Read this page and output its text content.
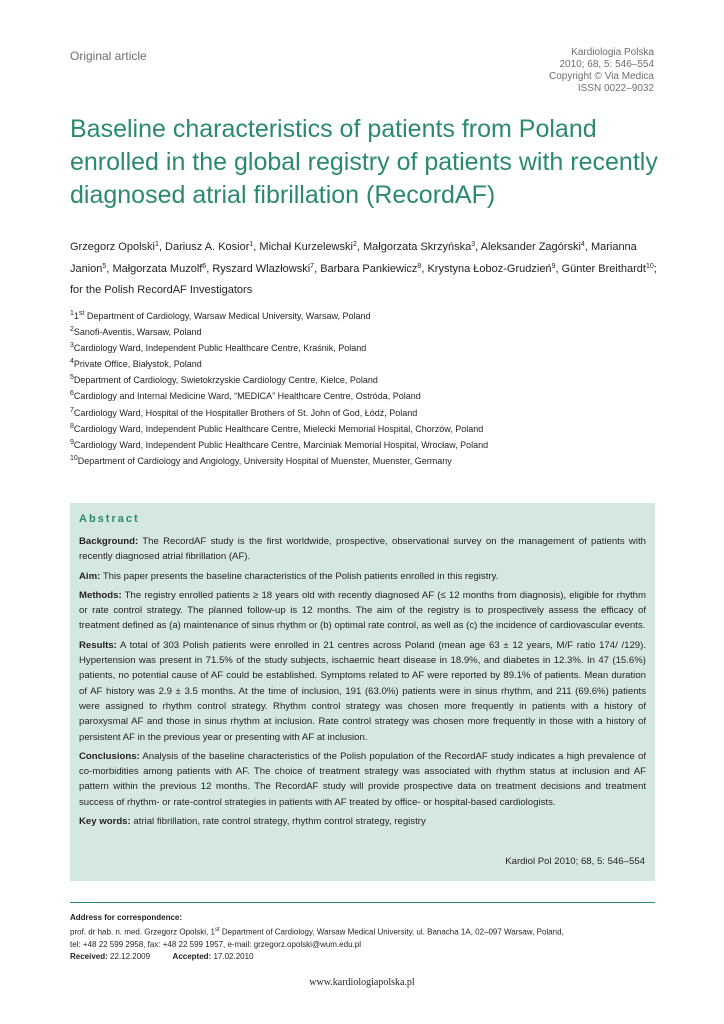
Original article	Kardiologia Polska
2010; 68, 5: 546–554
Copyright © Via Medica
ISSN 0022–9032
Baseline characteristics of patients from Poland enrolled in the global registry of patients with recently diagnosed atrial fibrillation (RecordAF)
Grzegorz Opolski$^1$, Dariusz A. Kosior$^1$, Michał Kurzelewski$^2$, Małgorzata Skrzyńska$^3$, Aleksander Zagórski$^4$, Marianna Janion$^5$, Małgorzata Muzolf$^6$, Ryszard Wlazłowski$^7$, Barbara Pankiewicz$^8$, Krystyna Łoboz-Grudzień$^9$, Günter Breithardt$^{10}$; for the Polish RecordAF Investigators
$^1$1st Department of Cardiology, Warsaw Medical University, Warsaw, Poland
$^2$Sanofi-Aventis, Warsaw, Poland
$^3$Cardiology Ward, Independent Public Healthcare Centre, Kraśnik, Poland
$^4$Private Office, Białystok, Poland
$^5$Department of Cardiology, Swietokrzyskie Cardiology Centre, Kielce, Poland
$^6$Cardiology and Internal Medicine Ward, “MEDICA” Healthcare Centre, Ostróda, Poland
$^7$Cardiology Ward, Hospital of the Hospitaller Brothers of St. John of God, Łódź, Poland
$^8$Cardiology Ward, Independent Public Healthcare Centre, Mielecki Memorial Hospital, Chorzów, Poland
$^9$Cardiology Ward, Independent Public Healthcare Centre, Marciniak Memorial Hospital, Wrocław, Poland
$^{10}$Department of Cardiology and Angiology, University Hospital of Muenster, Muenster, Germany
Abstract

Background: The RecordAF study is the first worldwide, prospective, observational survey on the management of patients with recently diagnosed atrial fibrillation (AF).

Aim: This paper presents the baseline characteristics of the Polish patients enrolled in this registry.

Methods: The registry enrolled patients ≥ 18 years old with recently diagnosed AF (≤ 12 months from diagnosis), eligible for rhythm or rate control strategy. The planned follow-up is 12 months. The aim of the registry is to prospectively assess the efficacy of treatment defined as (a) maintenance of sinus rhythm or (b) optimal rate control, as well as (c) the incidence of cardiovascular events.

Results: A total of 303 Polish patients were enrolled in 21 centres across Poland (mean age 63 ± 12 years, M/F ratio 174/ /129). Hypertension was present in 71.5% of the study subjects, ischaemic heart disease in 18.9%, and diabetes in 12.3%. In 47 (15.6%) patients, no potential cause of AF could be established. Symptoms related to AF were reported by 89.1% of patients. Mean duration of AF history was 2.9 ± 3.5 months. At the time of inclusion, 191 (63.0%) patients were in sinus rhythm, and 211 (69.6%) patients were assigned to rhythm control strategy. Rhythm control strategy was chosen more frequently in patients with a history of paroxysmal AF and those in sinus rhythm at inclusion. Rate control strategy was chosen more frequently in those with a history of persistent AF in the previous year or presenting with AF at inclusion.

Conclusions: Analysis of the baseline characteristics of the Polish population of the RecordAF study indicates a high prevalence of co-morbidities among patients with AF. The choice of treatment strategy was associated with rhythm status at inclusion and AF pattern within the previous 12 months. The RecordAF study will provide prospective data on treatment decisions and treatment success of rhythm- or rate-control strategies in patients with AF treated by office- or hospital-based cardiologists.

Key words: atrial fibrillation, rate control strategy, rhythm control strategy, registry

Kardiol Pol 2010; 68, 5: 546–554
Address for correspondence:
prof. dr hab. n. med. Grzegorz Opolski, 1st Department of Cardiology, Warsaw Medical University, ul. Banacha 1A, 02–097 Warsaw, Poland,
tel: +48 22 599 2958, fax: +48 22 599 1957, e-mail: grzegorz.opolski@wum.edu.pl
Received: 22.12.2009	Accepted: 17.02.2010
www.kardiologiapolska.pl
